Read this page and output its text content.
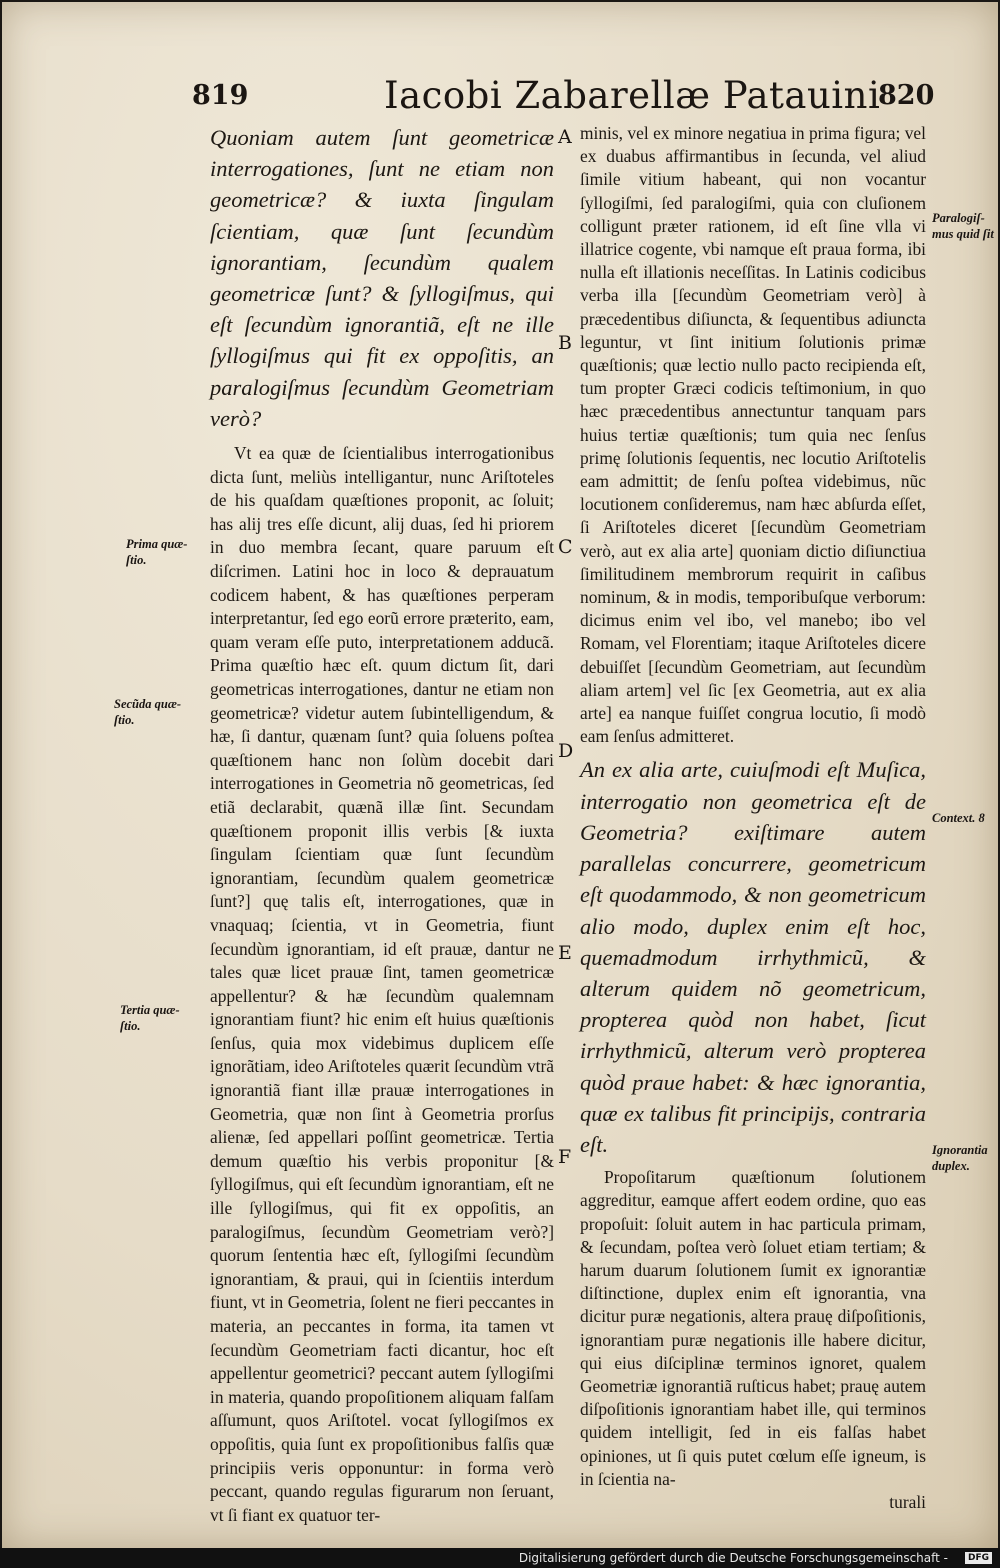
819	Iacobi Zabarellæ Patauini
820

Quoniam autem ſunt geometricæ interrogationes, ſunt ne etiam non geometricæ? & iuxta ſingulam ſcientiam, quæ ſunt ſecundùm ignorantiam, ſecundùm qualem geometricæ ſunt? & ſyllogiſmus, qui eſt ſecundùm ignorantiã, eſt ne ille ſyllogiſmus qui fit ex oppoſitis, an paralogiſmus ſecundùm Geometriam verò?

Vt ea quæ de ſcientialibus interrogationibus dicta ſunt, meliùs intelligantur, nunc Ariſtoteles de his quaſdam quæſtiones proponit, ac ſoluit; has alij tres eſſe dicunt, alij duas, ſed hi priorem in duo membra ſecant, quare paruum eſt diſcrimen. Latini hoc in loco & deprauatum codicem habent, & has quæſtiones perperam interpretantur, ſed ego eorũ errore præterito, eam, quam veram eſſe puto, interpretationem adducã. Prima quæſtio hæc eſt. quum dictum ſit, dari geometricas interrogationes, dantur ne etiam non geometricæ? videtur autem ſubintelligendum, & hæ, ſi dantur, quænam ſunt? quia ſoluens poſtea quæſtionem hanc non ſolùm docebit dari interrogationes in Geometria nõ geometricas, ſed etiã declarabit, quænã illæ ſint. Secundam quæſtionem proponit illis verbis [& iuxta ſingulam ſcientiam quæ ſunt ſecundùm ignorantiam, ſecundùm qualem geometricæ ſunt?] quę talis eſt, interrogationes, quæ in vnaquaq; ſcientia, vt in Geometria, fiunt ſecundùm ignorantiam, id eſt prauæ, dantur ne tales quæ licet prauæ ſint, tamen geometricæ appellentur? & hæ ſecundùm qualemnam ignorantiam fiunt? hic enim eſt huius quæſtionis ſenſus, quia mox videbimus duplicem eſſe ignorãtiam, ideo Ariſtoteles quærit ſecundùm vtrã ignorantiã fiant illæ prauæ interrogationes in Geometria, quæ non ſint à Geometria prorſus alienæ, ſed appellari poſſint geometricæ. Tertia demum quæſtio his verbis proponitur [& ſyllogiſmus, qui eſt ſecundùm ignorantiam, eſt ne ille ſyllogiſmus, qui fit ex oppoſitis, an paralogiſmus, ſecundùm Geometriam verò?] quorum ſententia hæc eſt, ſyllogiſmi ſecundùm ignorantiam, & praui, qui in ſcientiis interdum fiunt, vt in Geometria, ſolent ne fieri peccantes in materia, an peccantes in forma, ita tamen vt ſecundùm Geometriam facti dicantur, hoc eſt appellentur geometrici? peccant autem ſyllogiſmi in materia, quando propoſitionem aliquam falſam aſſumunt, quos Ariſtotel. vocat ſyllogiſmos ex oppoſitis, quia ſunt ex propoſitionibus falſis quæ principiis veris opponuntur: in forma verò peccant, quando regulas figurarum non ſeruant, vt ſi fiant ex quatuor ter-

minis, vel ex minore negatiua in prima figura; vel ex duabus affirmantibus in ſecunda, vel aliud ſimile vitium habeant, qui non vocantur ſyllogiſmi, ſed paralogiſmi, quia con cluſionem colligunt præter rationem, id eſt ſine vlla vi illatrice cogente, vbi namque eſt praua forma, ibi nulla eſt illationis neceſſitas. In Latinis codicibus verba illa [ſecundùm Geometriam verò] à præcedentibus diſiuncta, & ſequentibus adiuncta leguntur, vt ſint initium ſolutionis primæ quæſtionis; quæ lectio nullo pacto recipienda eſt, tum propter Græci codicis teſtimonium, in quo hæc præcedentibus annectuntur tanquam pars huius tertiæ quæſtionis; tum quia nec ſenſus primę ſolutionis ſequentis, nec locutio Ariſtotelis eam admittit; de ſenſu poſtea videbimus, nũc locutionem conſideremus, nam hæc abſurda eſſet, ſi Ariſtoteles diceret [ſecundùm Geometriam verò, aut ex alia arte] quoniam dictio diſiunctiua ſimilitudinem membrorum requirit in caſibus nominum, & in modis, temporibuſque verborum: dicimus enim vel ibo, vel manebo; ibo vel Romam, vel Florentiam; itaque Ariſtoteles dicere debuiſſet [ſecundùm Geometriam, aut ſecundùm aliam artem] vel ſic [ex Geometria, aut ex alia arte] ea nanque fuiſſet congrua locutio, ſi modò eam ſenſus admitteret.

An ex alia arte, cuiuſmodi eſt Muſica, interrogatio non geometrica eſt de Geometria? exiſtimare autem parallelas concurrere, geometricum eſt quodammodo, & non geometricum alio modo, duplex enim eſt hoc, quemadmodum irrhythmicũ, & alterum quidem nõ geometricum, propterea quòd non habet, ſicut irrhythmicũ, alterum verò propterea quòd praue habet: & hæc ignorantia, quæ ex talibus fit principijs, contraria eſt.

Propoſitarum quæſtionum ſolutionem aggreditur, eamque affert eodem ordine, quo eas propoſuit: ſoluit autem in hac particula primam, & ſecundam, poſtea verò ſoluet etiam tertiam; & harum duarum ſolutionem ſumit ex ignorantiæ diſtinctione, duplex enim eſt ignorantia, vna dicitur puræ negationis, altera prauę diſpoſitionis, ignorantiam puræ negationis ille habere dicitur, qui eius diſciplinæ terminos ignoret, qualem Geometriæ ignorantiã ruſticus habet; prauę autem diſpoſitionis ignorantiam habet ille, qui terminos quidem intelligit, ſed in eis falſas habet opiniones, ut ſi quis putet cœlum eſſe igneum, is in ſcientia na-

turali

Prima quæ-
ſtio.
Secũda quæ-
ſtio.
Tertia quæ-
ſtio.
Paralogiſ-
mus quid ſit
Context. 8
Ignorantia
duplex.
A
B
C
D
E
F
Digitalisierung gefördert durch die Deutsche Forschungsgemeinschaft -	DFG
